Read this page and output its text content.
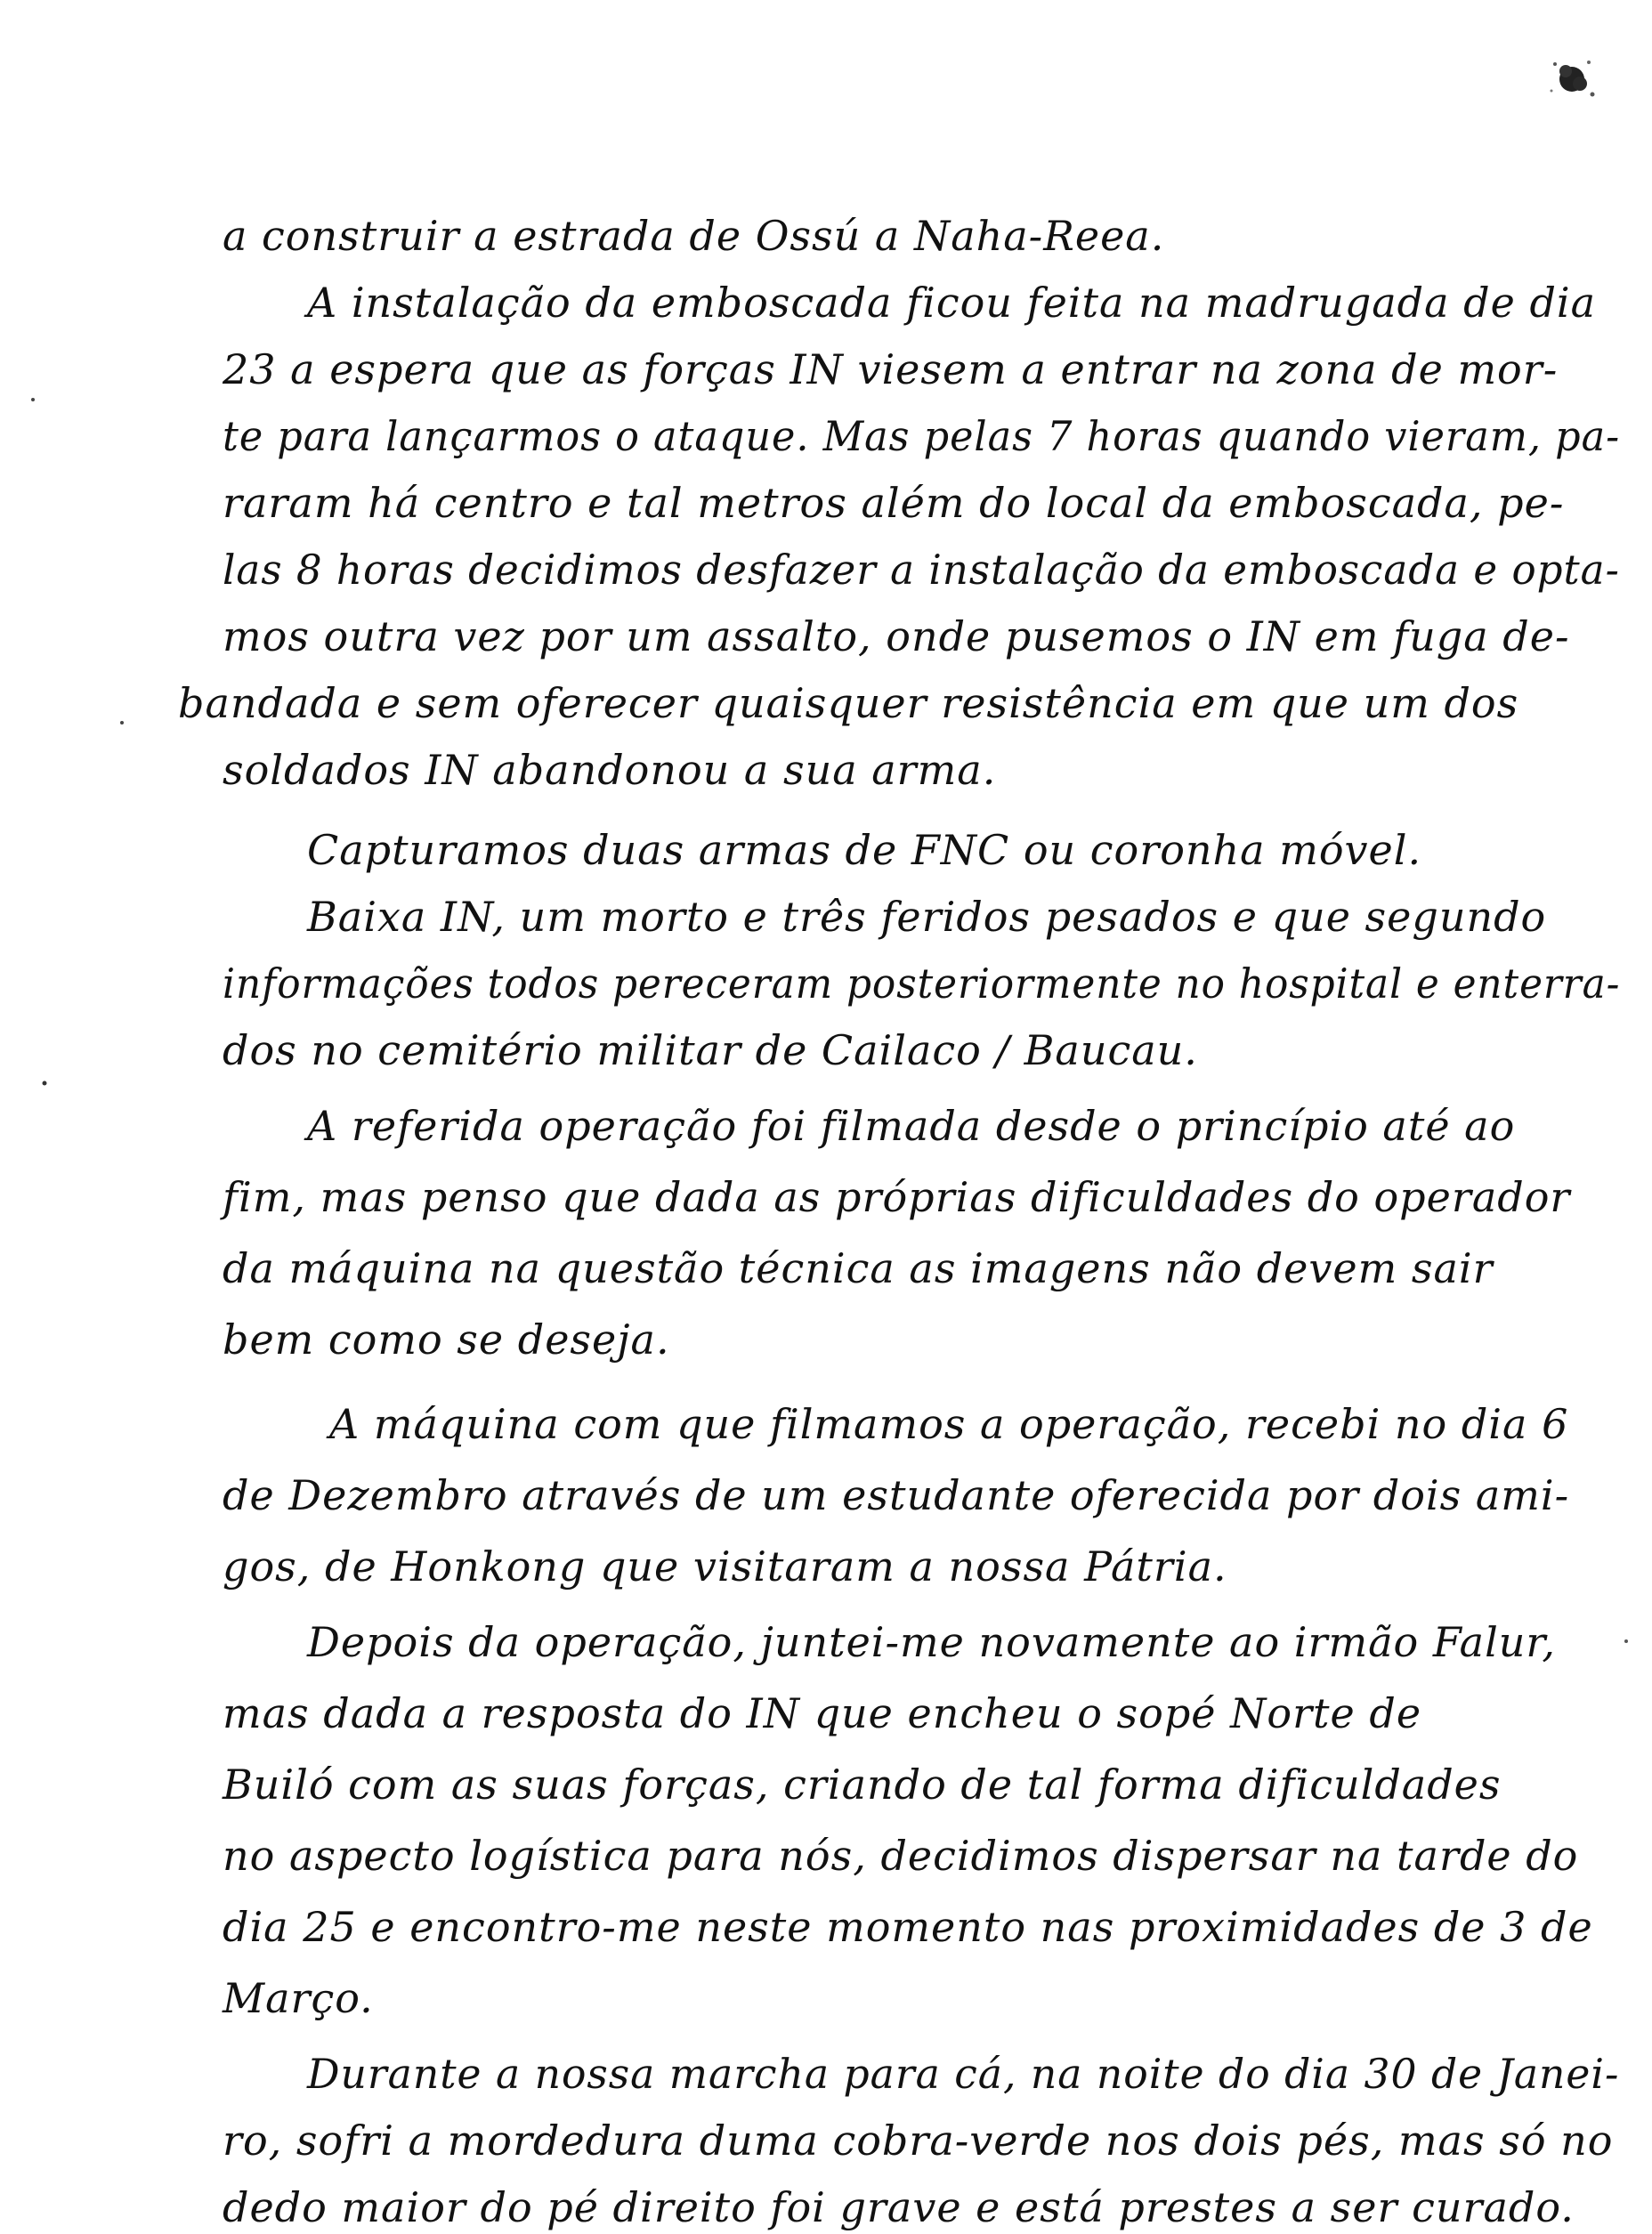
a construir a estrada de Ossú a Naha-Reea.
A instalação da emboscada ficou feita na madrugada de dia
23 a espera que as forças IN viesem a entrar na zona de mor-
te para lançarmos o ataque. Mas pelas 7 horas quando vieram, pa-
raram há centro e tal metros além do local da emboscada, pe-
las 8 horas decidimos desfazer a instalação da emboscada e opta-
mos outra vez por um assalto, onde pusemos o IN em fuga de-
bandada e sem oferecer quaisquer resistência em que um dos
soldados IN abandonou a sua arma.
Capturamos duas armas de FNC ou coronha móvel.
Baixa IN, um morto e três feridos pesados e que segundo
informações todos pereceram posteriormente no hospital e enterra-
dos no cemitério militar de Cailaco / Baucau.
A referida operação foi filmada desde o princípio até ao
fim, mas penso que dada as próprias dificuldades do operador
da máquina na questão técnica as imagens não devem sair
bem como se deseja.
A máquina com que filmamos a operação, recebi no dia 6
de Dezembro através de um estudante oferecida por dois ami-
gos, de Honkong que visitaram a nossa Pátria.
Depois da operação, juntei-me novamente ao irmão Falur,
mas dada a resposta do IN que encheu o sopé Norte de
Builó com as suas forças, criando de tal forma dificuldades
no aspecto logística para nós, decidimos dispersar na tarde do
dia 25 e encontro-me neste momento nas proximidades de 3 de
Março.
Durante a nossa marcha para cá, na noite do dia 30 de Janei-
ro, sofri a mordedura duma cobra-verde nos dois pés, mas só no
dedo maior do pé direito foi grave e está prestes a ser curado.
